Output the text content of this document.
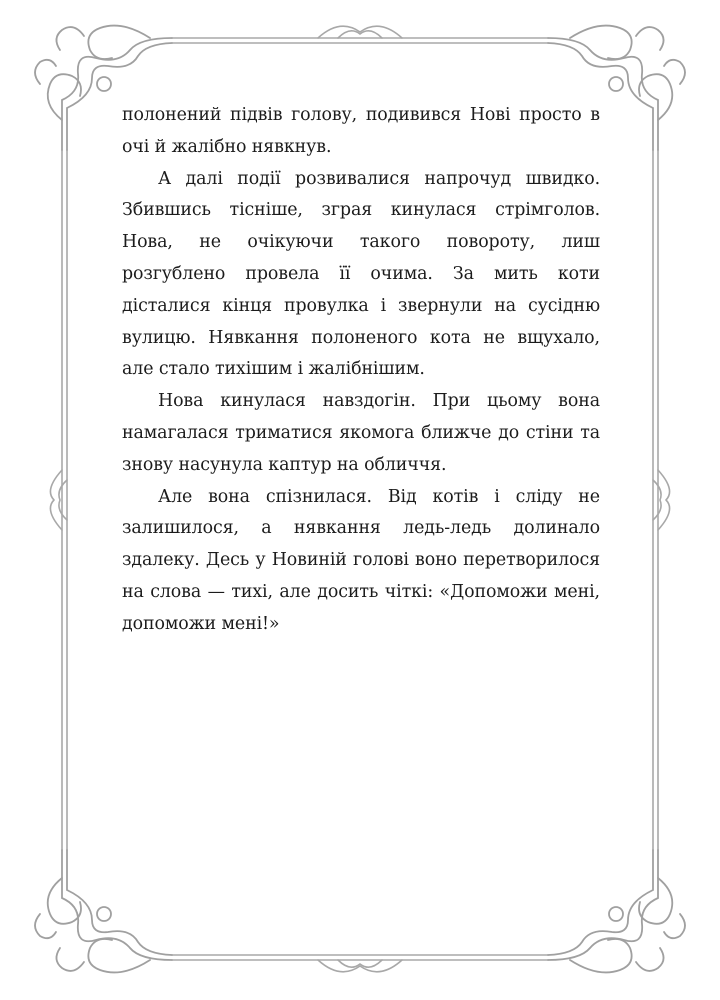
полонений підвів голову, подивився Нові просто в очі й жалібно нявкнув.

А далі події розвивалися напрочуд швидко. Збившись тісніше, зграя кинулася стрімголов. Нова, не очікуючи такого повороту, лиш розгублено провела її очима. За мить коти дісталися кінця провулка і звернули на сусідню вулицю. Нявкання полоненого кота не вщухало, але стало тихішим і жалібнішим.

Нова кинулася навздогін. При цьому вона намагалася триматися якомога ближче до стіни та знову насунула каптур на обличчя.

Але вона спізнилася. Від котів і сліду не залишилося, а нявкання ледь-ледь долинало здалеку. Десь у Новиній голові воно перетворилося на слова — тихі, але досить чіткі: «Допоможи мені, допоможи мені!»
